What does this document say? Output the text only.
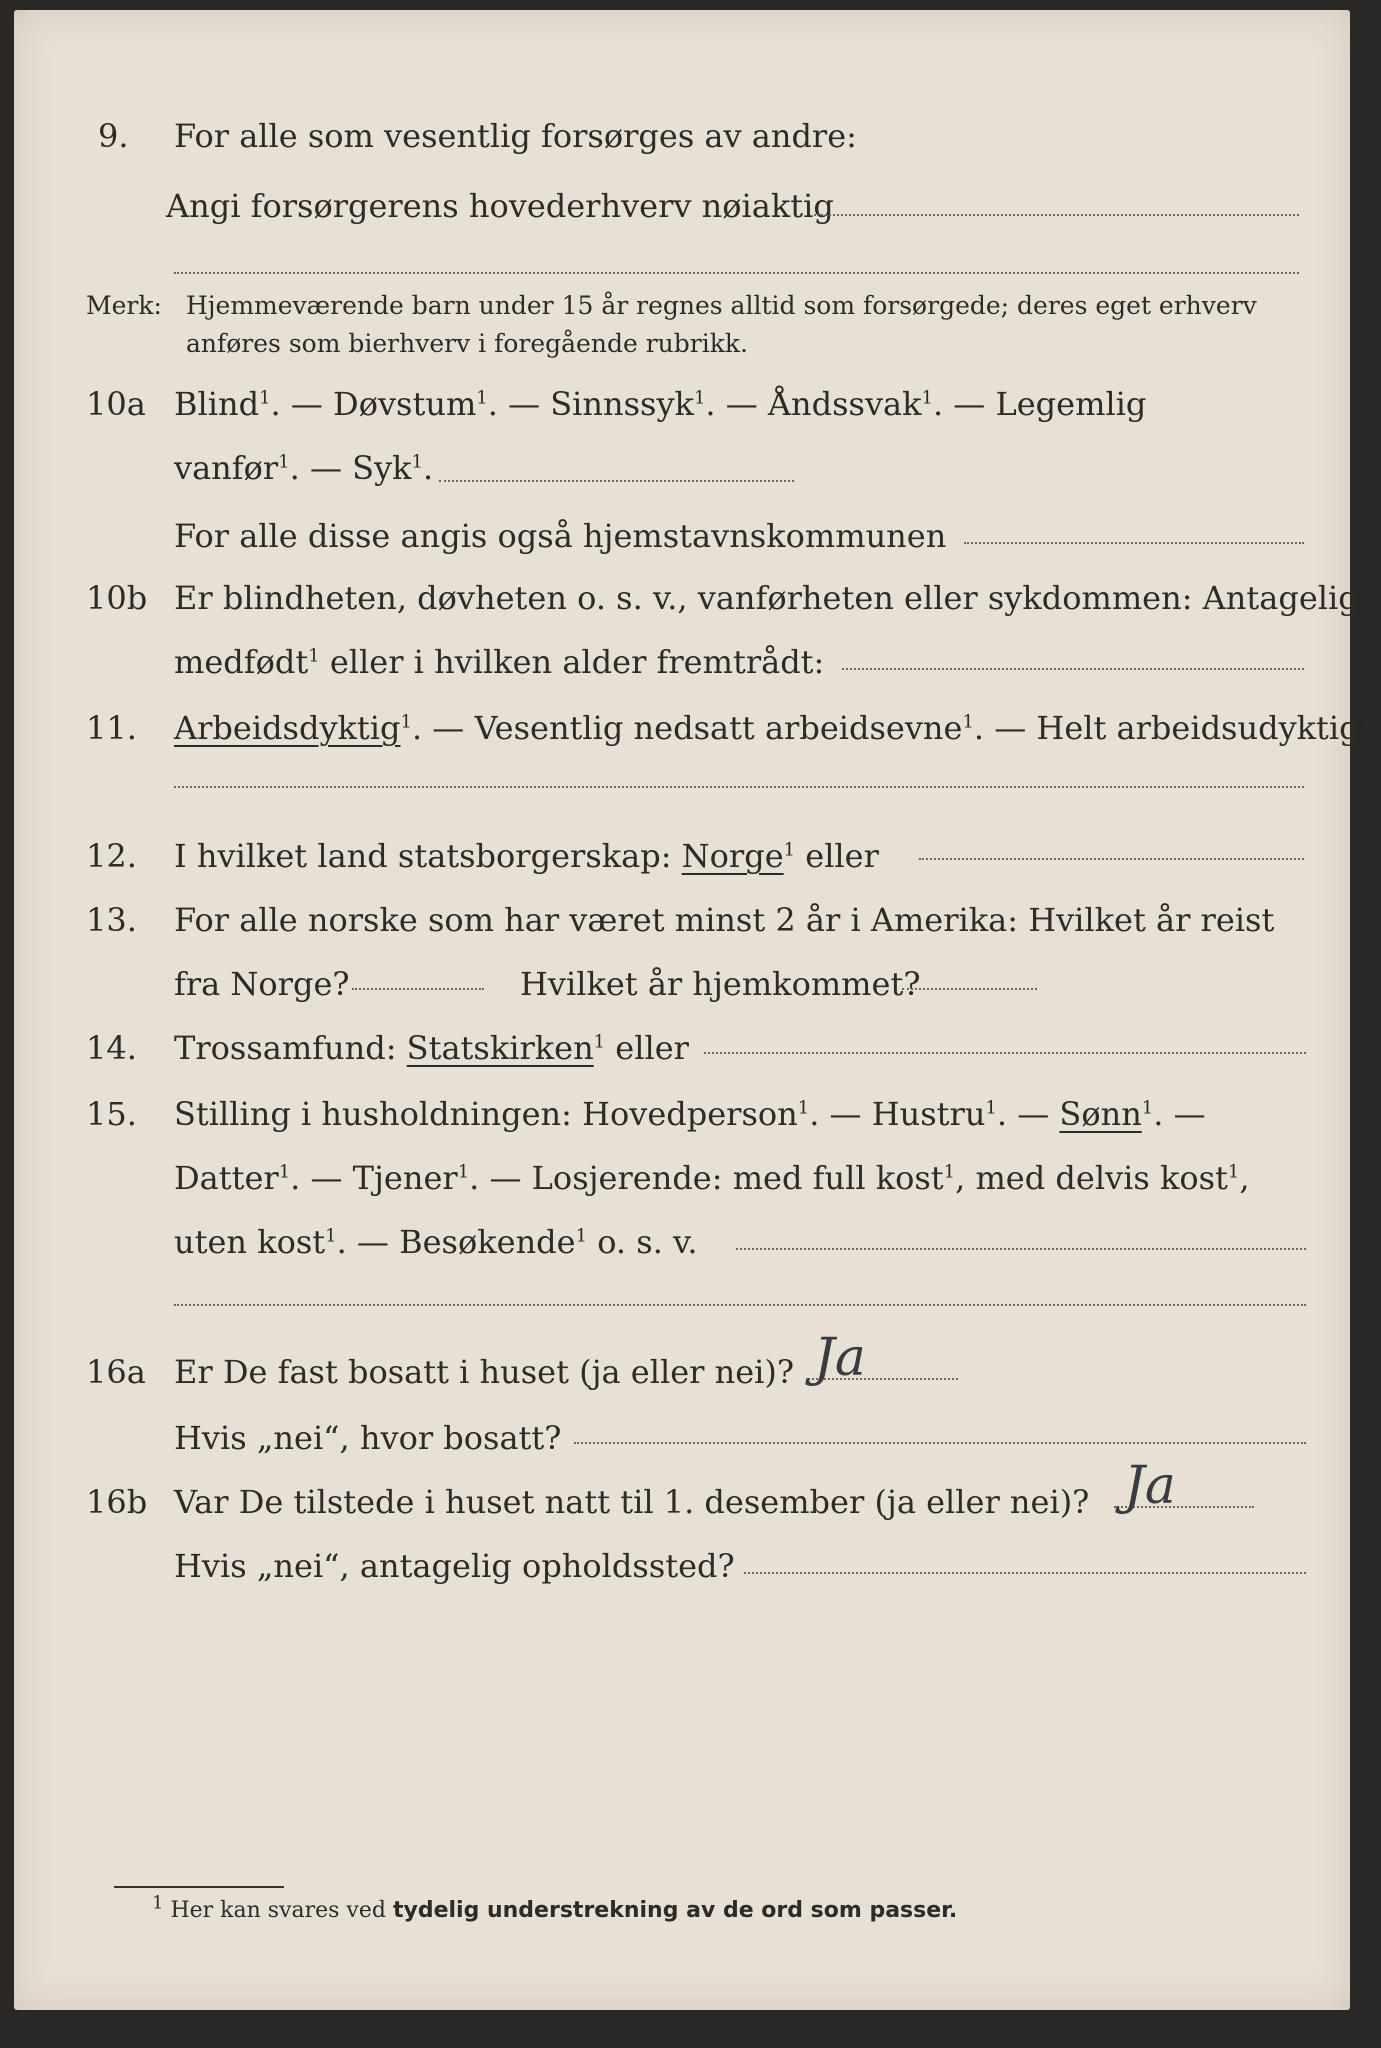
9. For alle som vesentlig forsørges av andre:
Angi forsørgerens hovederhverv nøiaktig
Merk: Hjemmeværende barn under 15 år regnes alltid som forsørgede; deres eget erhverv
anføres som bierhverv i foregående rubrikk.
10a Blind$^1$. — Døvstum$^1$. — Sinnssyk$^1$. — Åndssvak$^1$. — Legemlig
vanfør$^1$. — Syk$^1$.
For alle disse angis også hjemstavnskommunen
10b Er blindheten, døvheten o. s. v., vanførheten eller sykdommen: Antagelig
medfødt$^1$ eller i hvilken alder fremtrådt:
11. Arbeidsdyktig$^1$. — Vesentlig nedsatt arbeidsevne$^1$. — Helt arbeidsudyktig$^1$.
12. I hvilket land statsborgerskap: Norge$^1$ eller
13. For alle norske som har været minst 2 år i Amerika: Hvilket år reist
fra Norge?	Hvilket år hjemkommet?
14. Trossamfund: Statskirken$^1$ eller
15. Stilling i husholdningen: Hovedperson$^1$. — Hustru$^1$. — Sønn$^1$. —
Datter$^1$. — Tjener$^1$. — Losjerende: med full kost$^1$, med delvis kost$^1$,
uten kost$^1$. — Besøkende$^1$ o. s. v.
16a Er De fast bosatt i huset (ja eller nei)? Ja
Hvis „nei“, hvor bosatt?
16b Var De tilstede i huset natt til 1. desember (ja eller nei)? Ja
Hvis „nei“, antagelig opholdssted?
$^1$ Her kan svares ved tydelig understrekning av de ord som passer.
